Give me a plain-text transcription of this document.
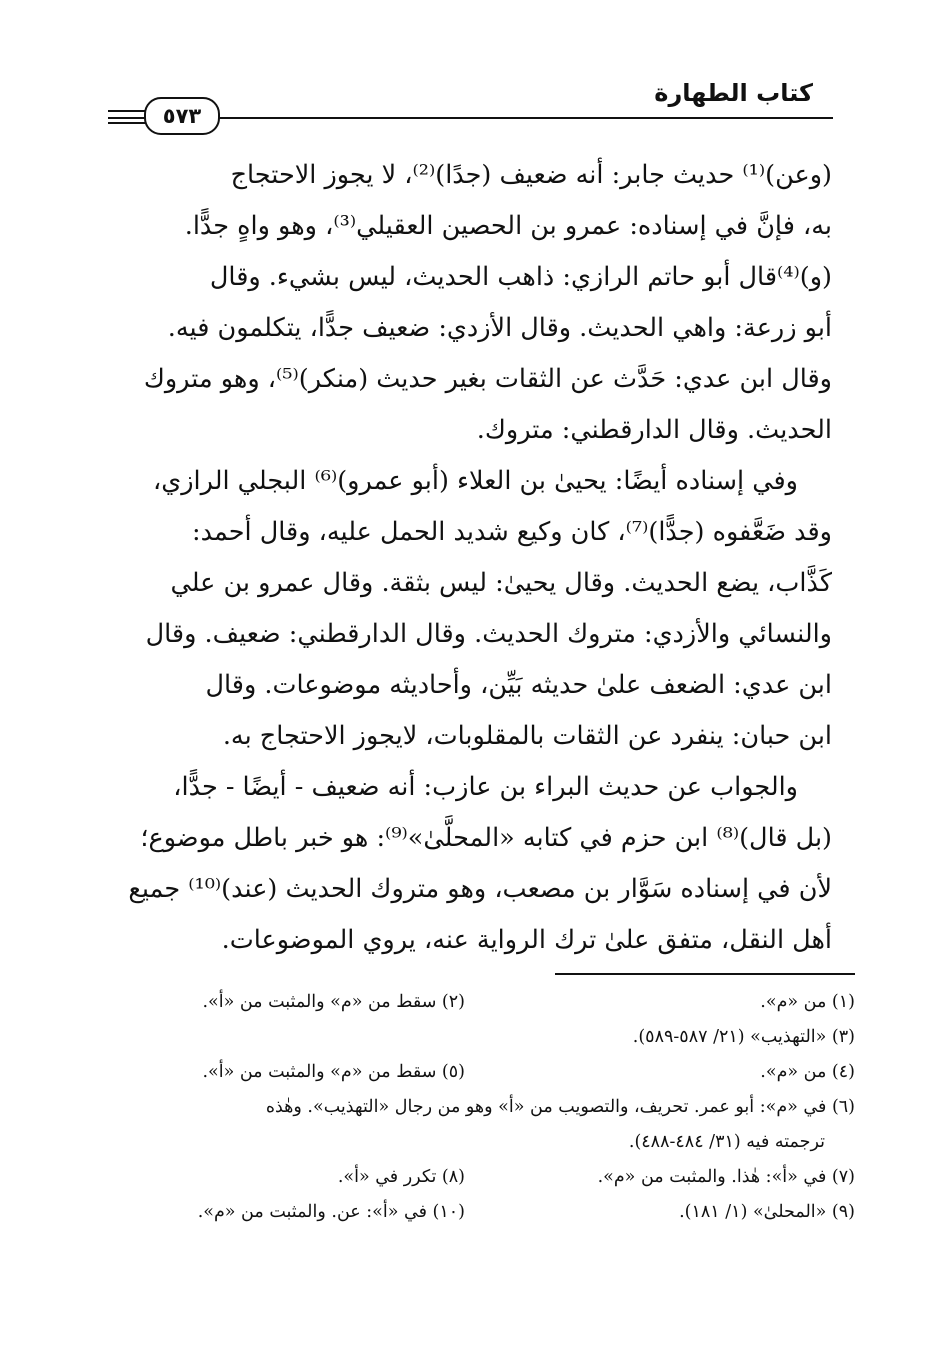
كتاب الطهارة
٥٧٣
(وعن)⁽¹⁾ حديث جابر: أنه ضعيف (جدًا)⁽²⁾، لا يجوز الاحتجاج
به، فإنَّ في إسناده: عمرو بن الحصين العقيلي⁽³⁾، وهو واهٍ جدًّا.
(و)⁽⁴⁾قال أبو حاتم الرازي: ذاهب الحديث، ليس بشيء. وقال
أبو زرعة: واهي الحديث. وقال الأزدي: ضعيف جدًّا، يتكلمون فيه.
وقال ابن عدي: حَدَّث عن الثقات بغير حديث (منكر)⁽⁵⁾، وهو متروك
الحديث. وقال الدارقطني: متروك.
وفي إسناده أيضًا: يحيىٰ بن العلاء (أبو عمرو)⁽⁶⁾ البجلي الرازي،
وقد ضَعَّفوه (جدًّا)⁽⁷⁾، كان وكيع شديد الحمل عليه، وقال أحمد:
كَذَّاب، يضع الحديث. وقال يحيىٰ: ليس بثقة. وقال عمرو بن علي
والنسائي والأزدي: متروك الحديث. وقال الدارقطني: ضعيف. وقال
ابن عدي: الضعف علىٰ حديثه بَيِّن، وأحاديثه موضوعات. وقال
ابن حبان: ينفرد عن الثقات بالمقلوبات، لايجوز الاحتجاج به.
والجواب عن حديث البراء بن عازب: أنه ضعيف - أيضًا - جدًّا،
(بل قال)⁽⁸⁾ ابن حزم في كتابه «المحلَّىٰ»⁽⁹⁾: هو خبر باطل موضوع؛
لأن في إسناده سَوَّار بن مصعب، وهو متروك الحديث (عند)⁽¹⁰⁾ جميع
أهل النقل، متفق علىٰ ترك الرواية عنه، يروي الموضوعات.
(١) من «م».
(٢) سقط من «م» والمثبت من «أ».
(٣) «التهذيب» (٢١/ ٥٨٧-٥٨٩).
(٤) من «م».
(٥) سقط من «م» والمثبت من «أ».
(٦) في «م»: أبو عمر. تحريف، والتصويب من «أ» وهو من رجال «التهذيب». وهٰذه
ترجمته فيه (٣١/ ٤٨٤-٤٨٨).
(٧) في «أ»: هٰذا. والمثبت من «م».
(٨) تكرر في «أ».
(٩) «المحلىٰ» (١/ ١٨١).
(١٠) في «أ»: عن. والمثبت من «م».
